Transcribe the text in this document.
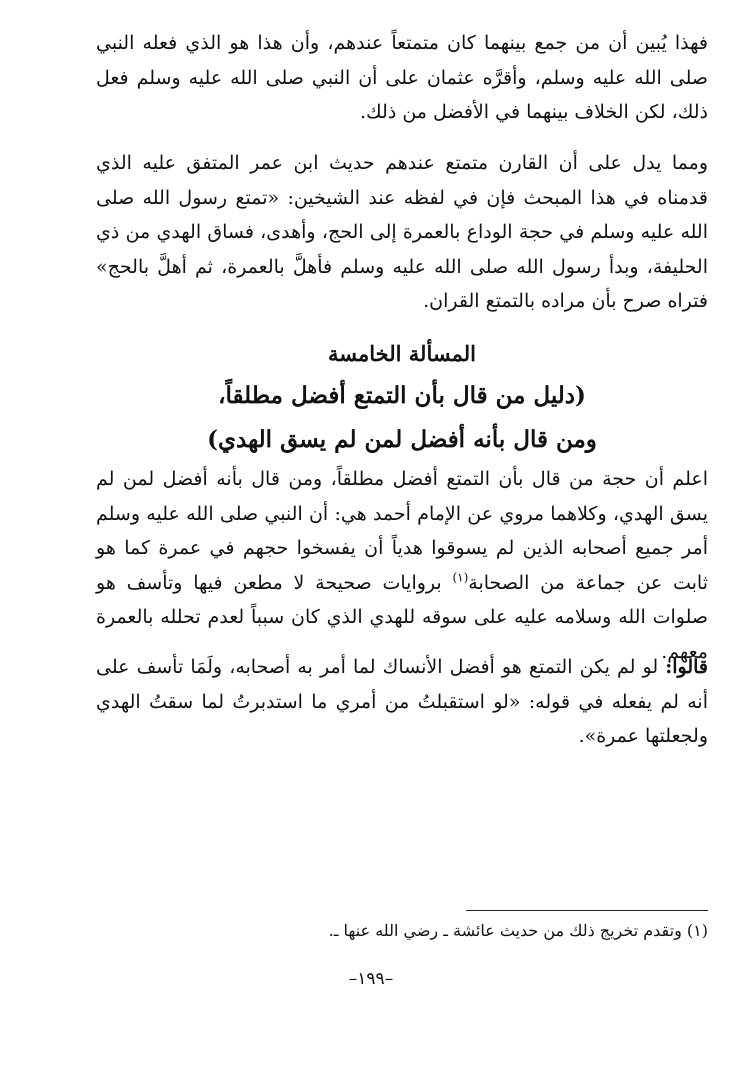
فهذا يُبين أن من جمع بينهما كان متمتعاً عندهم، وأن هذا هو الذي فعله النبي صلى الله عليه وسلم، وأقرَّه عثمان على أن النبي صلى الله عليه وسلم فعل ذلك، لكن الخلاف بينهما في الأفضل من ذلك.

ومما يدل على أن القارن متمتع عندهم حديث ابن عمر المتفق عليه الذي قدمناه في هذا المبحث فإن في لفظه عند الشيخين: «تمتع رسول الله صلى الله عليه وسلم في حجة الوداع بالعمرة إلى الحج، وأهدى، فساق الهدي من ذي الحليفة، وبدأ رسول الله صلى الله عليه وسلم فأهلَّ بالعمرة، ثم أهلَّ بالحج» فتراه صرح بأن مراده بالتمتع القران.

المسألة الخامسة
(دليل من قال بأن التمتع أفضل مطلقاً،
ومن قال بأنه أفضل لمن لم يسق الهدي)

اعلم أن حجة من قال بأن التمتع أفضل مطلقاً، ومن قال بأنه أفضل لمن لم يسق الهدي، وكلاهما مروي عن الإمام أحمد هي: أن النبي صلى الله عليه وسلم أمر جميع أصحابه الذين لم يسوقوا هدياً أن يفسخوا حجهم في عمرة كما هو ثابت عن جماعة من الصحابة$^{(١)}$ بروايات صحيحة لا مطعن فيها وتأسف هو صلوات الله وسلامه عليه على سوقه للهدي الذي كان سبباً لعدم تحلله بالعمرة معهم.

قالوا: لو لم يكن التمتع هو أفضل الأنساك لما أمر به أصحابه، ولَمَا تأسف على أنه لم يفعله في قوله: «لو استقبلتُ من أمري ما استدبرتُ لما سقتُ الهدي ولجعلتها عمرة».

(١) وتقدم تخريج ذلك من حديث عائشة ـ رضي الله عنها ـ.

–١٩٩–
